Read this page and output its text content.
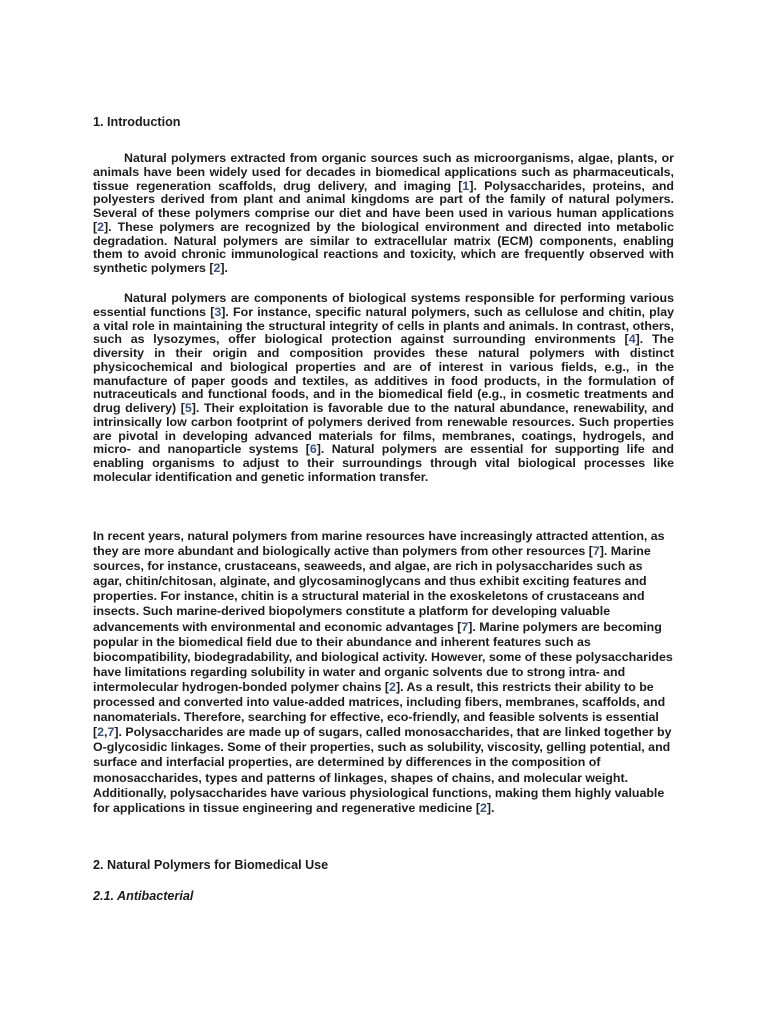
1. Introduction

Natural polymers extracted from organic sources such as microorganisms, algae, plants, or animals have been widely used for decades in biomedical applications such as pharmaceuticals, tissue regeneration scaffolds, drug delivery, and imaging [1]. Polysaccharides, proteins, and polyesters derived from plant and animal kingdoms are part of the family of natural polymers. Several of these polymers comprise our diet and have been used in various human applications [2]. These polymers are recognized by the biological environment and directed into metabolic degradation. Natural polymers are similar to extracellular matrix (ECM) components, enabling them to avoid chronic immunological reactions and toxicity, which are frequently observed with synthetic polymers [2].

Natural polymers are components of biological systems responsible for performing various essential functions [3]. For instance, specific natural polymers, such as cellulose and chitin, play a vital role in maintaining the structural integrity of cells in plants and animals. In contrast, others, such as lysozymes, offer biological protection against surrounding environments [4]. The diversity in their origin and composition provides these natural polymers with distinct physicochemical and biological properties and are of interest in various fields, e.g., in the manufacture of paper goods and textiles, as additives in food products, in the formulation of nutraceuticals and functional foods, and in the biomedical field (e.g., in cosmetic treatments and drug delivery) [5]. Their exploitation is favorable due to the natural abundance, renewability, and intrinsically low carbon footprint of polymers derived from renewable resources. Such properties are pivotal in developing advanced materials for films, membranes, coatings, hydrogels, and micro- and nanoparticle systems [6]. Natural polymers are essential for supporting life and enabling organisms to adjust to their surroundings through vital biological processes like molecular identification and genetic information transfer.

In recent years, natural polymers from marine resources have increasingly attracted attention, as they are more abundant and biologically active than polymers from other resources [7]. Marine sources, for instance, crustaceans, seaweeds, and algae, are rich in polysaccharides such as agar, chitin/chitosan, alginate, and glycosaminoglycans and thus exhibit exciting features and properties. For instance, chitin is a structural material in the exoskeletons of crustaceans and insects. Such marine-derived biopolymers constitute a platform for developing valuable advancements with environmental and economic advantages [7]. Marine polymers are becoming popular in the biomedical field due to their abundance and inherent features such as biocompatibility, biodegradability, and biological activity. However, some of these polysaccharides have limitations regarding solubility in water and organic solvents due to strong intra- and intermolecular hydrogen-bonded polymer chains [2]. As a result, this restricts their ability to be processed and converted into value-added matrices, including fibers, membranes, scaffolds, and nanomaterials. Therefore, searching for effective, eco-friendly, and feasible solvents is essential [2,7]. Polysaccharides are made up of sugars, called monosaccharides, that are linked together by O-glycosidic linkages. Some of their properties, such as solubility, viscosity, gelling potential, and surface and interfacial properties, are determined by differences in the composition of monosaccharides, types and patterns of linkages, shapes of chains, and molecular weight. Additionally, polysaccharides have various physiological functions, making them highly valuable for applications in tissue engineering and regenerative medicine [2].

2. Natural Polymers for Biomedical Use

2.1. Antibacterial
